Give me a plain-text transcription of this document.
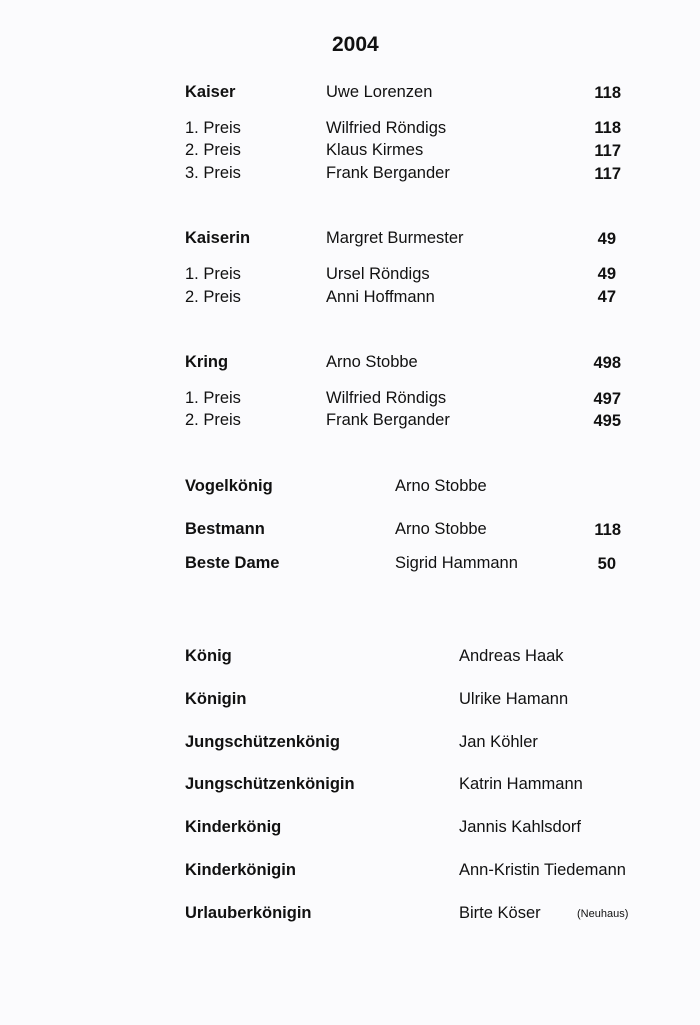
2004
Kaiser	Uwe Lorenzen	118
1. Preis	Wilfried Röndigs	118
2. Preis	Klaus Kirmes	117
3. Preis	Frank Bergander	117
Kaiserin	Margret Burmester	49
1. Preis	Ursel Röndigs	49
2. Preis	Anni Hoffmann	47
Kring	Arno Stobbe	498
1. Preis	Wilfried Röndigs	497
2. Preis	Frank Bergander	495
Vogelkönig	Arno Stobbe
Bestmann	Arno Stobbe	118
Beste Dame	Sigrid Hammann	50
König	Andreas Haak
Königin	Ulrike Hamann
Jungschützenkönig	Jan Köhler
Jungschützenkönigin	Katrin Hammann
Kinderkönig	Jannis Kahlsdorf
Kinderkönigin	Ann-Kristin Tiedemann
Urlauberkönigin	Birte Köser	(Neuhaus)
